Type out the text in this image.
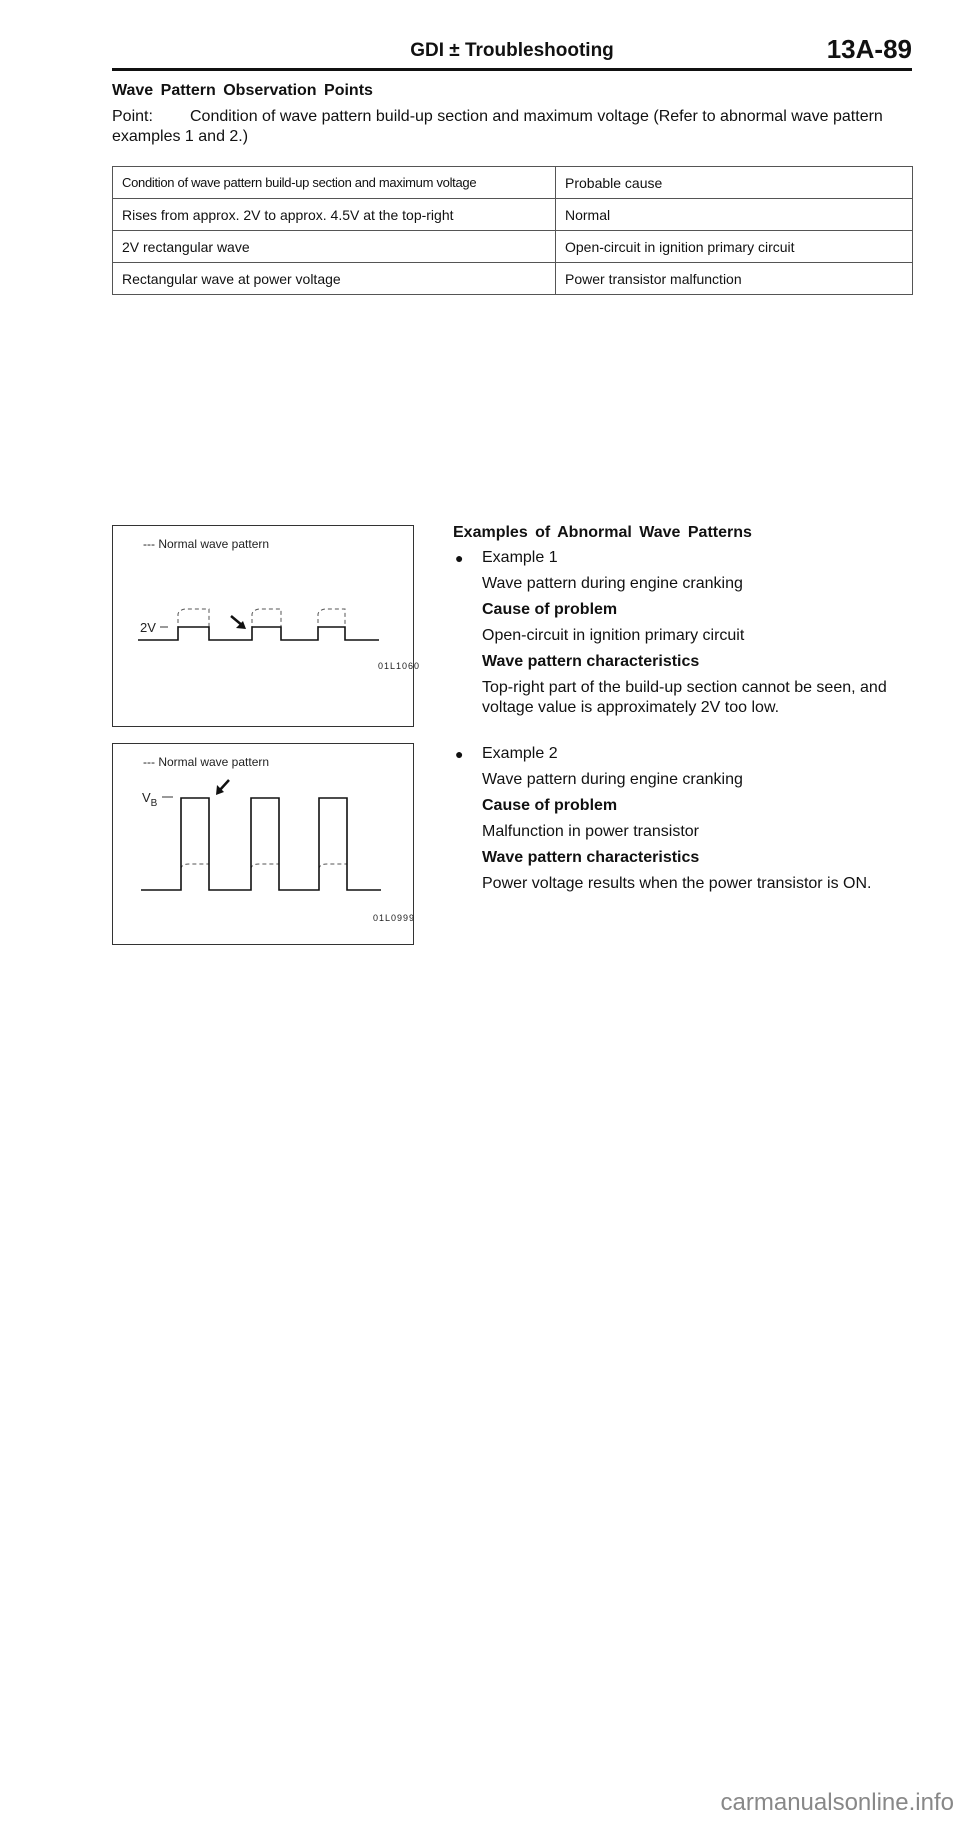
GDI ± Troubleshooting	13A-89
Wave Pattern Observation Points
Point: Condition of wave pattern build-up section and maximum voltage (Refer to abnormal wave pattern examples 1 and 2.)
Condition of wave pattern build-up section and maximum voltage	Probable cause
Rises from approx. 2V to approx. 4.5V at the top-right	Normal
2V rectangular wave	Open-circuit in ignition primary circuit
Rectangular wave at power voltage	Power transistor malfunction
--- Normal wave pattern
2V
01L1060
--- Normal wave pattern
$V_B$
01L0999
Examples of Abnormal Wave Patterns
● Example 1
Wave pattern during engine cranking
Cause of problem
Open-circuit in ignition primary circuit
Wave pattern characteristics
Top-right part of the build-up section cannot be seen, and voltage value is approximately 2V too low.
● Example 2
Wave pattern during engine cranking
Cause of problem
Malfunction in power transistor
Wave pattern characteristics
Power voltage results when the power transistor is ON.
carmanualsonline.info
